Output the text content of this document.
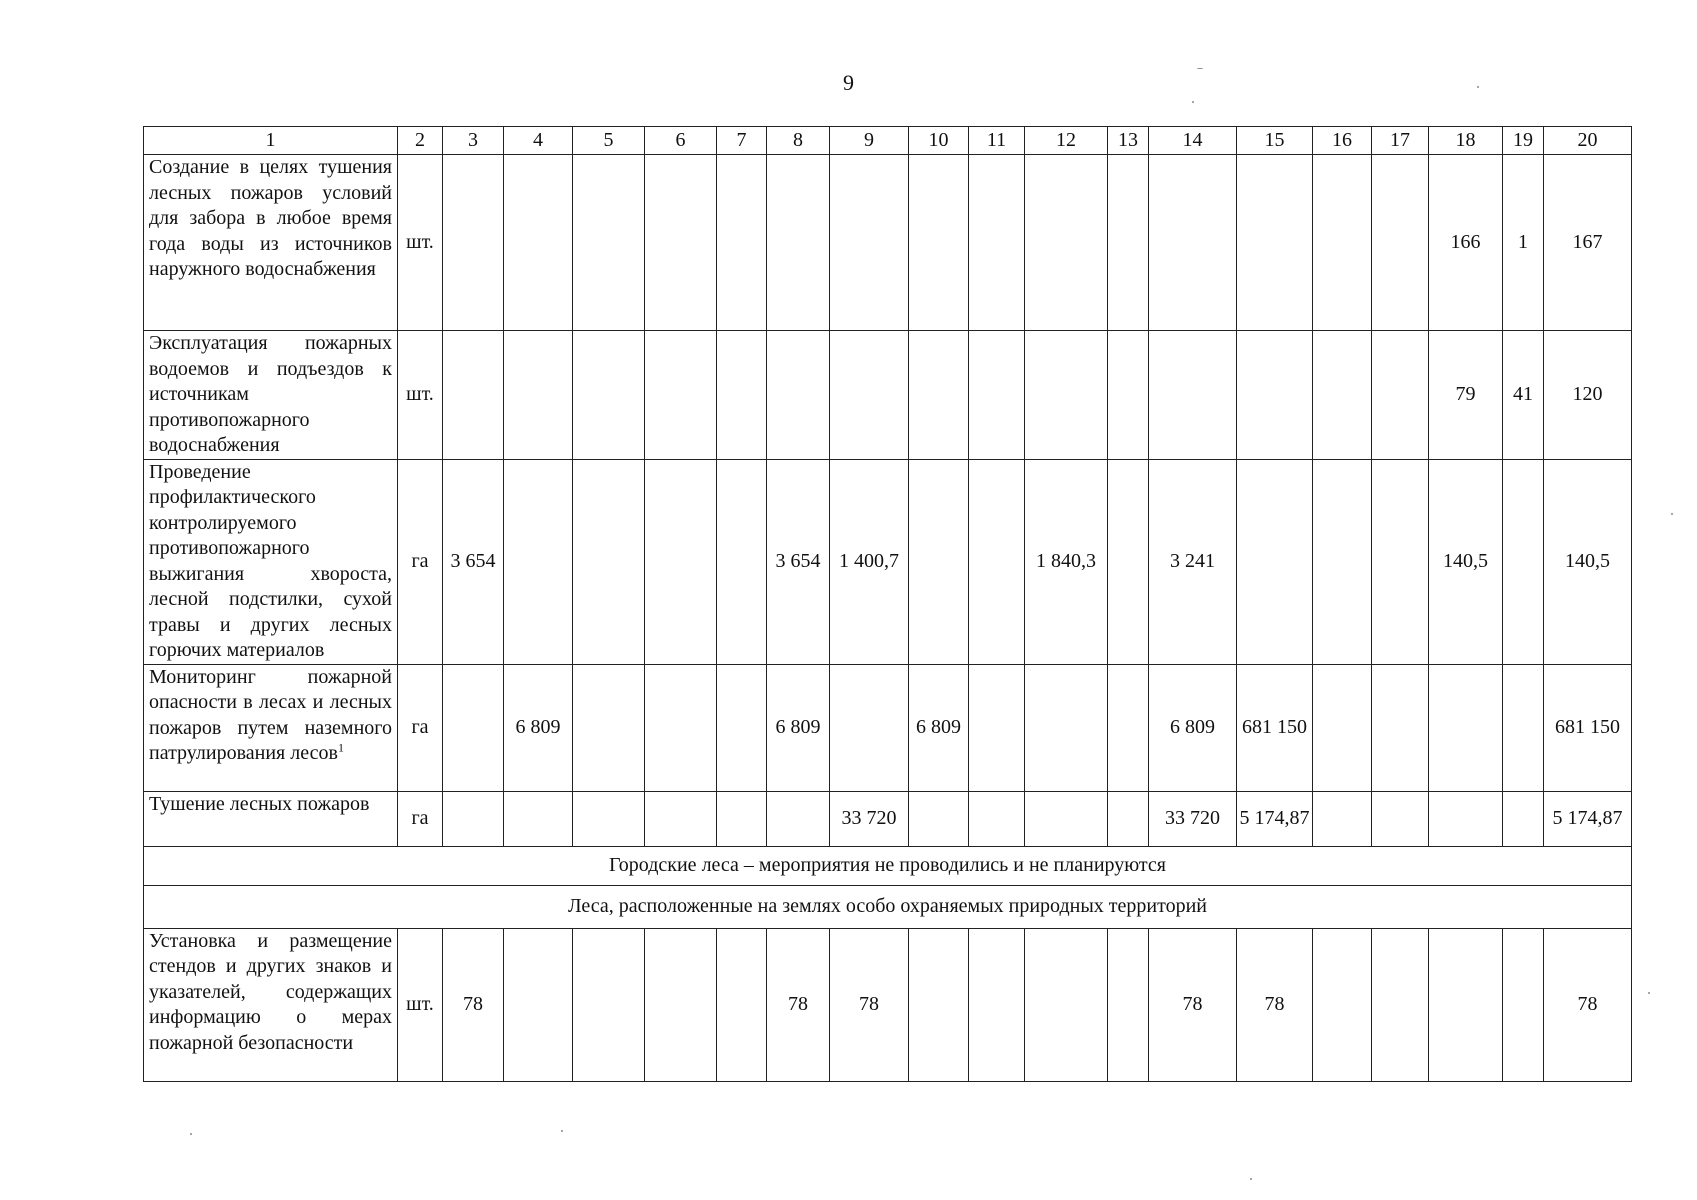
9
1	2	3	4	5	6	7	8	9	10	11	12	13	14	15	16	17	18	19	20
Создание в целях тушения лесных пожаров условий для забора в любое время года воды из источников наружного водоснабжения	шт.																166	1	167
Эксплуатация пожарных водоемов и подъездов к источникам противопожарного водоснабжения	шт.																79	41	120
Проведение профилактического контролируемого противопожарного выжигания хвороста, лесной подстилки, сухой травы и других лесных горючих материалов	га	3 654					3 654	1 400,7			1 840,3		3 241				140,5		140,5
Мониторинг пожарной опасности в лесах и лесных пожаров путем наземного патрулирования лесов$^1$	га		6 809				6 809		6 809				6 809	681 150					681 150
Тушение лесных пожаров	га							33 720					33 720	5 174,87					5 174,87
Городские леса – мероприятия не проводились и не планируются																			
Леса, расположенные на землях особо охраняемых природных территорий																			
Установка и размещение стендов и других знаков и указателей, содержащих информацию о мерах пожарной безопасности	шт.	78					78	78					78	78					78
